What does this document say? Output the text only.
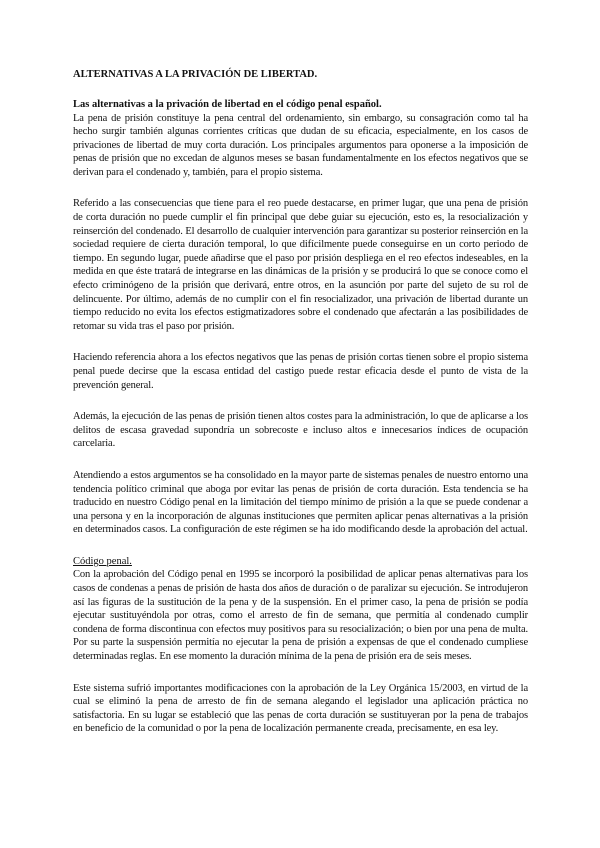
ALTERNATIVAS A LA PRIVACIÓN DE LIBERTAD.
Las alternativas a la privación de libertad en el código penal español.

La pena de prisión constituye la pena central del ordenamiento, sin embargo, su consagración como tal ha hecho surgir también algunas corrientes críticas que dudan de su eficacia, especialmente, en los casos de privaciones de libertad de muy corta duración. Los principales argumentos para oponerse a la imposición de penas de prisión que no excedan de algunos meses se basan fundamentalmente en los efectos negativos que se derivan para el condenado y, también, para el propio sistema.

Referido a las consecuencias que tiene para el reo puede destacarse, en primer lugar, que una pena de prisión de corta duración no puede cumplir el fin principal que debe guiar su ejecución, esto es, la resocialización y reinserción del condenado. El desarrollo de cualquier intervención para garantizar su posterior reinserción en la sociedad requiere de cierta duración temporal, lo que difícilmente puede conseguirse en un corto periodo de tiempo. En segundo lugar, puede añadirse que el paso por prisión despliega en el reo efectos indeseables, en la medida en que éste tratará de integrarse en las dinámicas de la prisión y se producirá lo que se conoce como el efecto criminógeno de la prisión que derivará, entre otros, en la asunción por parte del sujeto de su rol de delincuente. Por último, además de no cumplir con el fin resocializador, una privación de libertad durante un tiempo reducido no evita los efectos estigmatizadores sobre el condenado que afectarán a las posibilidades de retomar su vida tras el paso por prisión.

Haciendo referencia ahora a los efectos negativos que las penas de prisión cortas tienen sobre el propio sistema penal puede decirse que la escasa entidad del castigo puede restar eficacia desde el punto de vista de la prevención general.

Además, la ejecución de las penas de prisión tienen altos costes para la administración, lo que de aplicarse a los delitos de escasa gravedad supondría un sobrecoste e incluso altos e innecesarios índices de ocupación carcelaria.

Atendiendo a estos argumentos se ha consolidado en la mayor parte de sistemas penales de nuestro entorno una tendencia político criminal que aboga por evitar las penas de prisión de corta duración. Esta tendencia se ha traducido en nuestro Código penal en la limitación del tiempo mínimo de prisión a la que se puede condenar a una persona y en la incorporación de algunas instituciones que permiten aplicar penas alternativas a la prisión en determinados casos. La configuración de este régimen se ha ido modificando desde la aprobación del actual.

Código penal.

Con la aprobación del Código penal en 1995 se incorporó la posibilidad de aplicar penas alternativas para los casos de condenas a penas de prisión de hasta dos años de duración o de paralizar su ejecución. Se introdujeron así las figuras de la sustitución de la pena y de la suspensión. En el primer caso, la pena de prisión se podía ejecutar sustituyéndola por otras, como el arresto de fin de semana, que permitía al condenado cumplir condena de forma discontinua con efectos muy positivos para su resocialización; o bien por una pena de multa. Por su parte la suspensión permitía no ejecutar la pena de prisión a expensas de que el condenado cumpliese determinadas reglas. En ese momento la duración mínima de la pena de prisión era de seis meses.

Este sistema sufrió importantes modificaciones con la aprobación de la Ley Orgánica 15/2003, en virtud de la cual se eliminó la pena de arresto de fin de semana alegando el legislador una aplicación práctica no satisfactoria. En su lugar se estableció que las penas de corta duración se sustituyeran por la pena de trabajos en beneficio de la comunidad o por la pena de localización permanente creada, precisamente, en esa ley.
